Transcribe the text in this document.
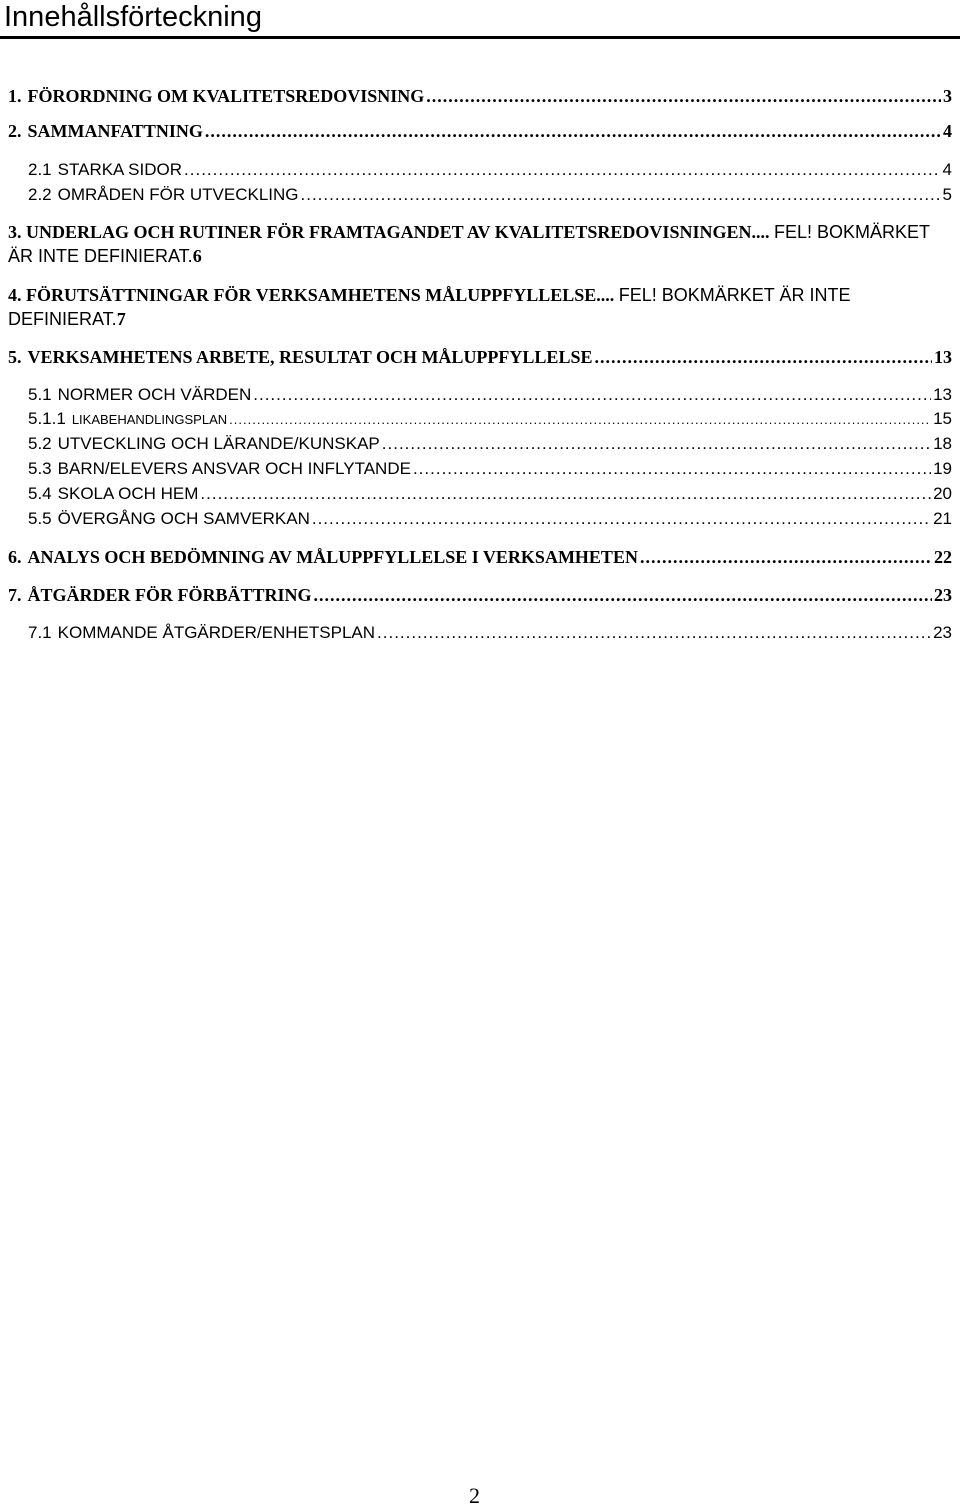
Innehållsförteckning
1. FÖRORDNING OM KVALITETSREDOVISNING .....	3
2. SAMMANFATTNING .....	4
2.1 STARKA SIDOR .....	4
2.2 OMRÅDEN FÖR UTVECKLING .....	5
3. UNDERLAG OCH RUTINER FÖR FRAMTAGANDET AV KVALITETSREDOVISNINGEN.... FEL! BOKMÄRKET ÄR INTE DEFINIERAT.6
4. FÖRUTSÄTTNINGAR FÖR VERKSAMHETENS MÅLUPPFYLLELSE.... FEL! BOKMÄRKET ÄR INTE DEFINIERAT.7
5. VERKSAMHETENS ARBETE, RESULTAT OCH MÅLUPPFYLLELSE .....	13
5.1 NORMER OCH VÄRDEN .....	13
5.1.1 LIKABEHANDLINGSPLAN .....	15
5.2 UTVECKLING OCH LÄRANDE/KUNSKAP .....	18
5.3 BARN/ELEVERS ANSVAR OCH INFLYTANDE .....	19
5.4 SKOLA OCH HEM .....	20
5.5 ÖVERGÅNG OCH SAMVERKAN .....	21
6. ANALYS OCH BEDÖMNING AV MÅLUPPFYLLELSE I VERKSAMHETEN .....	22
7. ÅTGÄRDER FÖR FÖRBÄTTRING .....	23
7.1 KOMMANDE ÅTGÄRDER/ENHETSPLAN .....	23
2
